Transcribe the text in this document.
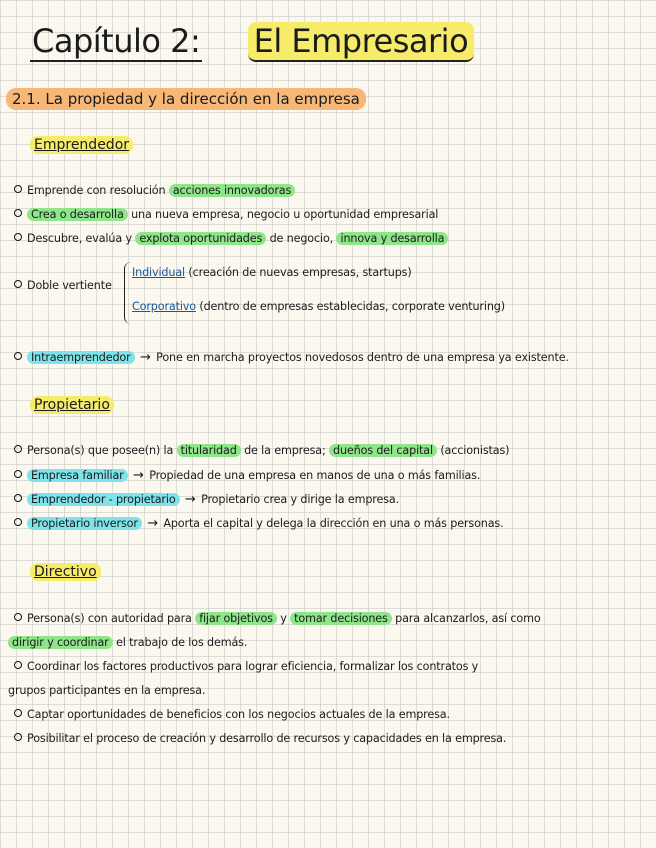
Capítulo 2: El Empresario
2.1. La propiedad y la dirección en la empresa
Emprendedor
Emprende con resolución acciones innovadoras
Crea o desarrolla una nueva empresa, negocio u oportunidad empresarial
Descubre, evalúa y explota oportunidades de negocio, innova y desarrolla
Doble vertiente
Individual (creación de nuevas empresas, startups)
Corporativo (dentro de empresas establecidas, corporate venturing)
Intraemprendedor → Pone en marcha proyectos novedosos dentro de una empresa ya existente.
Propietario
Persona(s) que posee(n) la titularidad de la empresa; dueños del capital (accionistas)
Empresa familiar → Propiedad de una empresa en manos de una o más familias.
Emprendedor - propietario → Propietario crea y dirige la empresa.
Propietario inversor → Aporta el capital y delega la dirección en una o más personas.
Directivo
Persona(s) con autoridad para fijar objetivos y tomar decisiones para alcanzarlos, así como
dirigir y coordinar el trabajo de los demás.
Coordinar los factores productivos para lograr eficiencia, formalizar los contratos y
grupos participantes en la empresa.
Captar oportunidades de beneficios con los negocios actuales de la empresa.
Posibilitar el proceso de creación y desarrollo de recursos y capacidades en la empresa.
